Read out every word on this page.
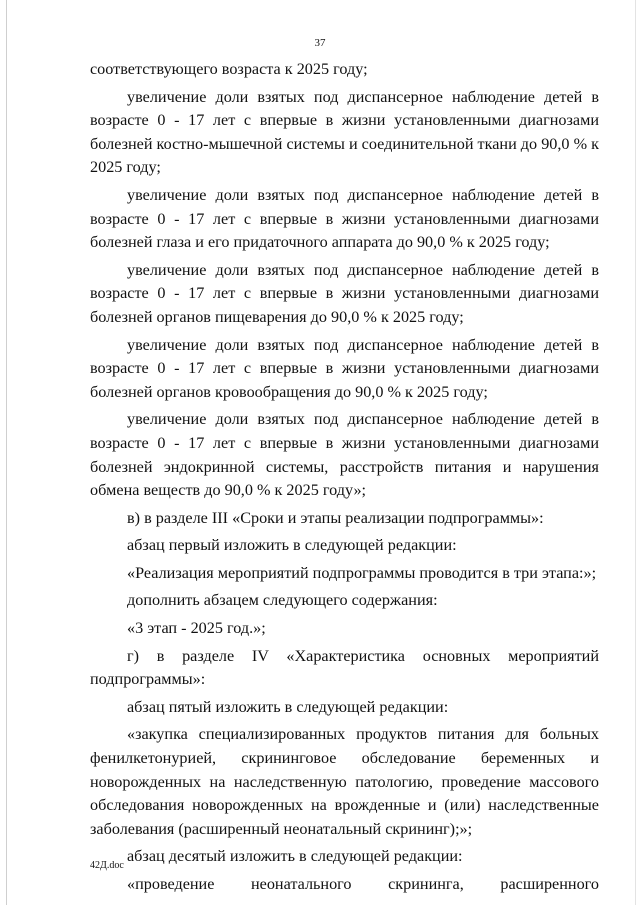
37

соответствующего возраста к 2025 году;

увеличение доли взятых под диспансерное наблюдение детей в возрасте 0 - 17 лет с впервые в жизни установленными диагнозами болезней костно-мышечной системы и соединительной ткани до 90,0 % к 2025 году;

увеличение доли взятых под диспансерное наблюдение детей в возрасте 0 - 17 лет с впервые в жизни установленными диагнозами болезней глаза и его придаточного аппарата до 90,0 % к 2025 году;

увеличение доли взятых под диспансерное наблюдение детей в возрасте 0 - 17 лет с впервые в жизни установленными диагнозами болезней органов пищеварения до 90,0 % к 2025 году;

увеличение доли взятых под диспансерное наблюдение детей в возрасте 0 - 17 лет с впервые в жизни установленными диагнозами болезней органов кровообращения до 90,0 % к 2025 году;

увеличение доли взятых под диспансерное наблюдение детей в возрасте 0 - 17 лет с впервые в жизни установленными диагнозами болезней эндокринной системы, расстройств питания и нарушения обмена веществ до 90,0 % к 2025 году»;

в) в разделе III «Сроки и этапы реализации подпрограммы»:

абзац первый изложить в следующей редакции:

«Реализация мероприятий подпрограммы проводится в три этапа:»;

дополнить абзацем следующего содержания:

«3 этап - 2025 год.»;

г) в разделе IV «Характеристика основных мероприятий подпрограммы»:

абзац пятый изложить в следующей редакции:

«закупка специализированных продуктов питания для больных фенилкетонурией, скрининговое обследование беременных и новорожденных на наследственную патологию, проведение массового обследования новорожденных на врожденные и (или) наследственные заболевания (расширенный неонатальный скрининг);»;

абзац десятый изложить в следующей редакции:

«проведение неонатального скрининга, расширенного

42Д.doc
